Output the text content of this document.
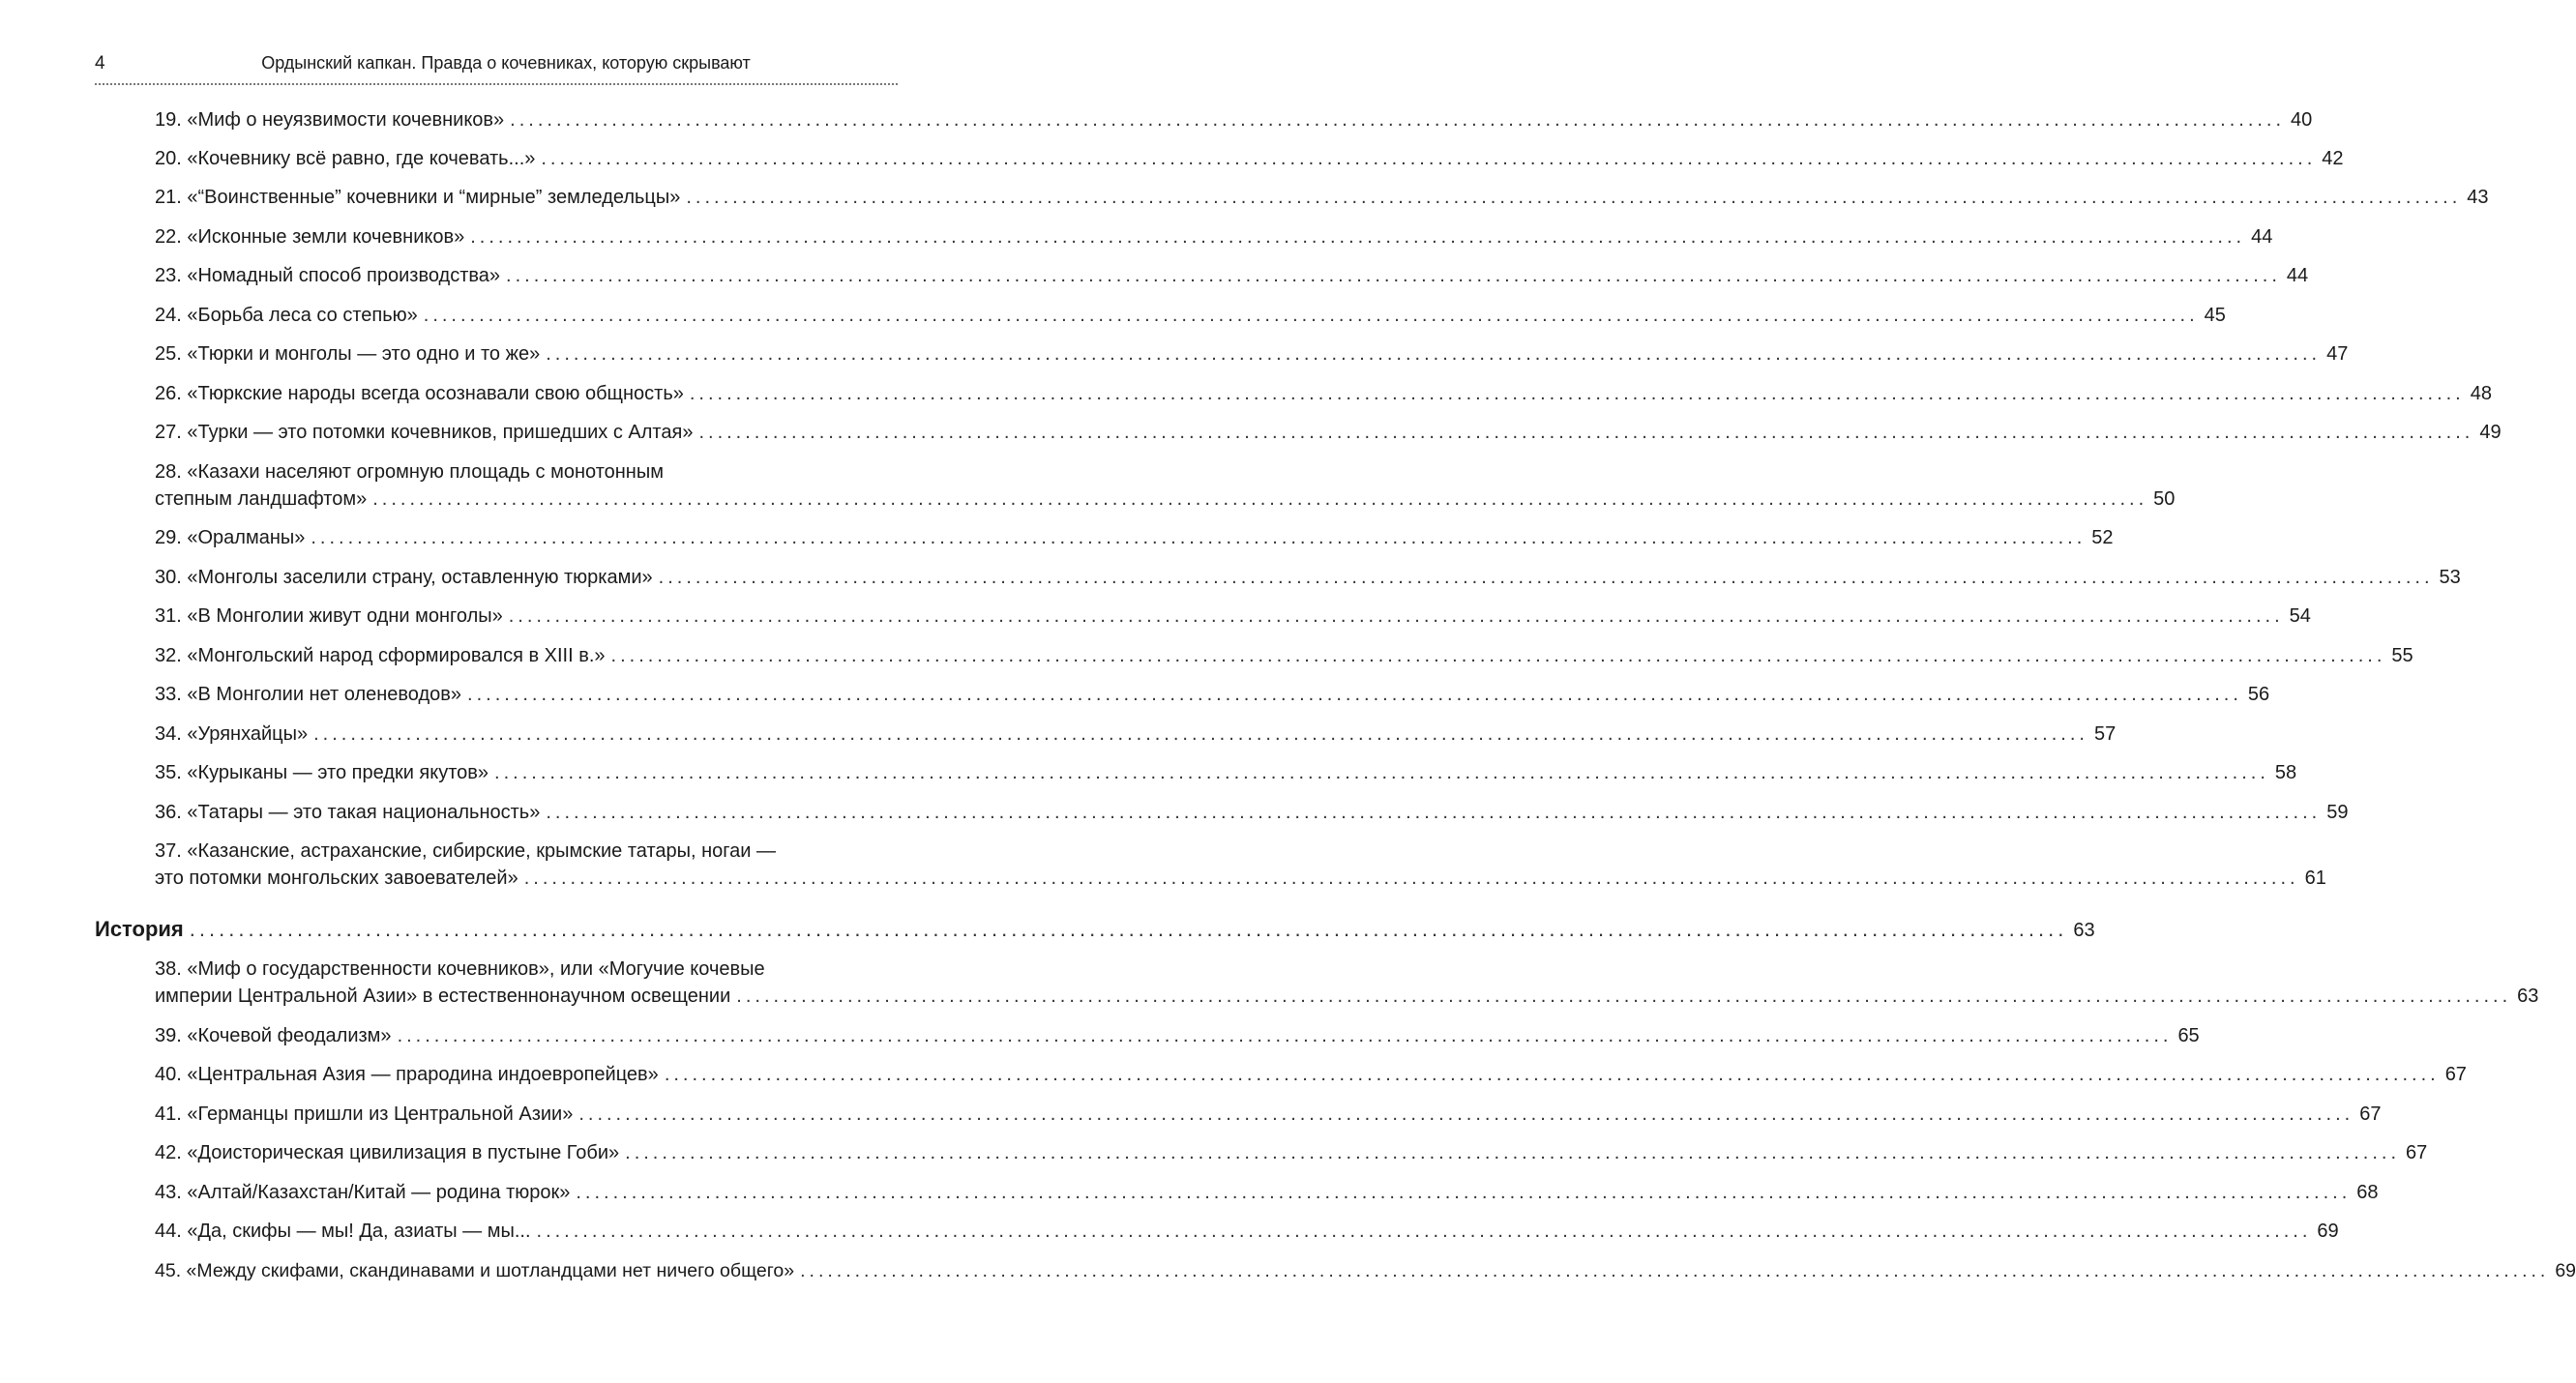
4	Ордынский капкан. Правда о кочевниках, которую скрывают
19. «Миф о неуязвимости кочевников» ................................................................................................................................................................................................ 40
20. «Кочевнику всё равно, где кочевать...» ................................................................................................................................................................................................ 42
21. «“Воинственные” кочевники и “мирные” земледельцы» ................................................................................................................................................................................................ 43
22. «Исконные земли кочевников» ................................................................................................................................................................................................ 44
23. «Номадный способ производства» ................................................................................................................................................................................................ 44
24. «Борьба леса со степью» ................................................................................................................................................................................................ 45
25. «Тюрки и монголы — это одно и то же» ................................................................................................................................................................................................ 47
26. «Тюркские народы всегда осознавали свою общность» ................................................................................................................................................................................................ 48
27. «Турки — это потомки кочевников, пришедших с Алтая» ................................................................................................................................................................................................ 49
28. «Казахи населяют огромную площадь с монотонным
степным ландшафтом» ................................................................................................................................................................................................ 50
29. «Оралманы» ................................................................................................................................................................................................ 52
30. «Монголы заселили страну, оставленную тюрками» ................................................................................................................................................................................................ 53
31. «В Монголии живут одни монголы» ................................................................................................................................................................................................ 54
32. «Монгольский народ сформировался в XIII в.» ................................................................................................................................................................................................ 55
33. «В Монголии нет оленеводов» ................................................................................................................................................................................................ 56
34. «Урянхайцы» ................................................................................................................................................................................................ 57
35. «Курыканы — это предки якутов» ................................................................................................................................................................................................ 58
36. «Татары — это такая национальность» ................................................................................................................................................................................................ 59
37. «Казанские, астраханские, сибирские, крымские татары, ногаи —
это потомки монгольских завоевателей» ................................................................................................................................................................................................ 61
История ................................................................................................................................................................................................ 63
38. «Миф о государственности кочевников», или «Могучие кочевые
империи Центральной Азии» в естественнонаучном освещении ................................................................................................................................................................................................ 63
39. «Кочевой феодализм» ................................................................................................................................................................................................ 65
40. «Центральная Азия — прародина индоевропейцев» ................................................................................................................................................................................................ 67
41. «Германцы пришли из Центральной Азии» ................................................................................................................................................................................................ 67
42. «Доисторическая цивилизация в пустыне Гоби» ................................................................................................................................................................................................ 67
43. «Алтай/Казахстан/Китай — родина тюрок» ................................................................................................................................................................................................ 68
44. «Да, скифы — мы! Да, азиаты — мы... ................................................................................................................................................................................................ 69
45. «Между скифами, скандинавами и шотландцами нет ничего общего» ................................................................................................................................................................................................ 69
